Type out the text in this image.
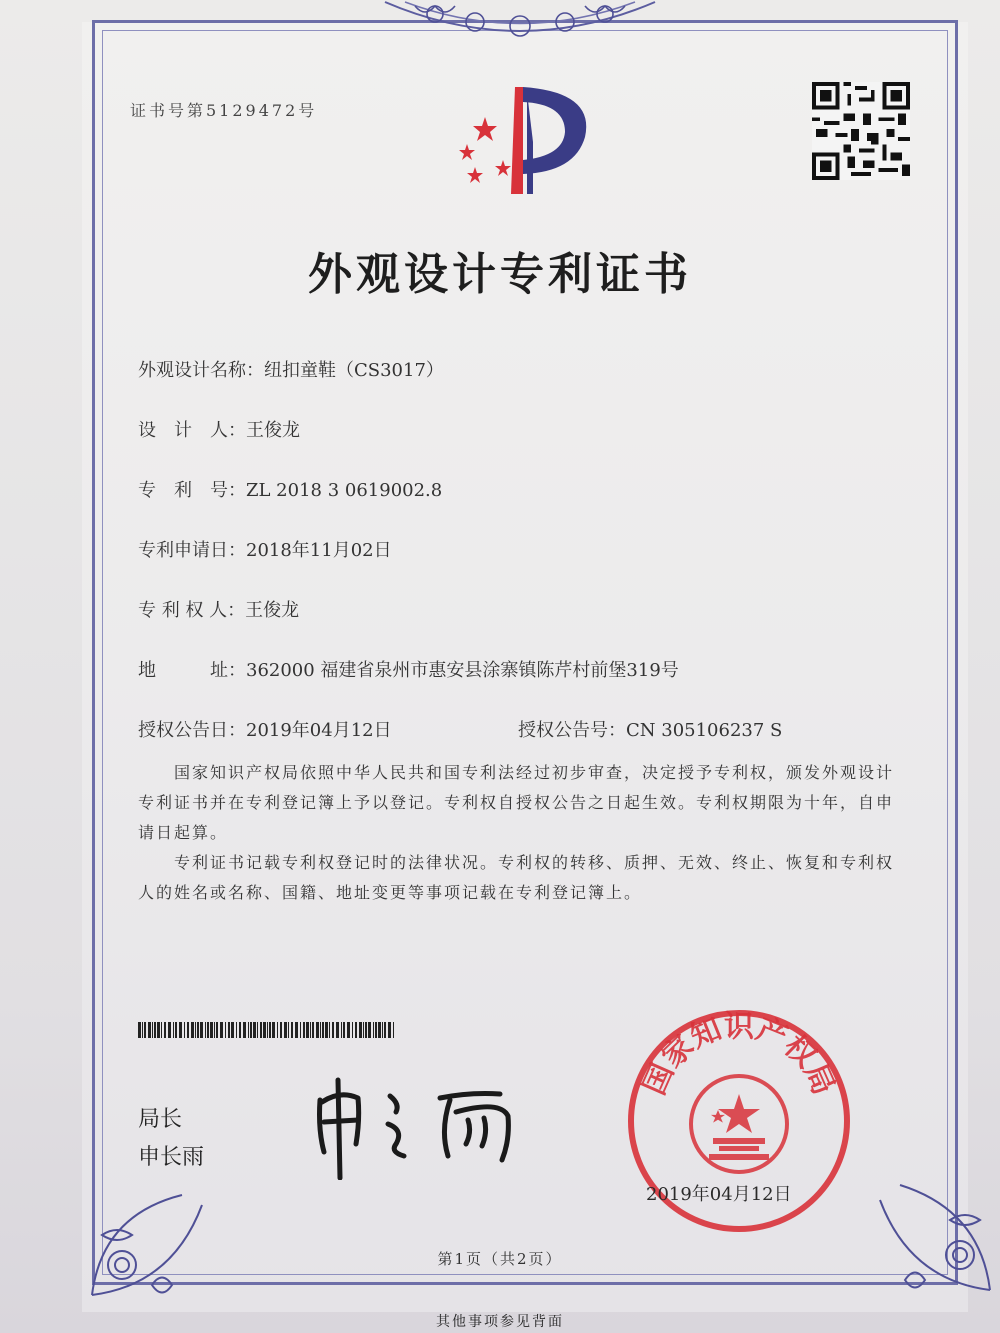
证书号第5129472号
外观设计专利证书
外观设计名称：纽扣童鞋（CS3017）
设　计　人：王俊龙
专　利　号：ZL 2018 3 0619002.8
专利申请日：2018年11月02日
专 利 权 人：王俊龙
地　　　址：362000 福建省泉州市惠安县涂寨镇陈芹村前堡319号
授权公告日：2019年04月12日	授权公告号：CN 305106237 S
国家知识产权局依照中华人民共和国专利法经过初步审查，决定授予专利权，颁发外观设计专利证书并在专利登记簿上予以登记。专利权自授权公告之日起生效。专利权期限为十年，自申请日起算。
专利证书记载专利权登记时的法律状况。专利权的转移、质押、无效、终止、恢复和专利权人的姓名或名称、国籍、地址变更等事项记载在专利登记簿上。
局长
申长雨
国家知识产权局
2019年04月12日
第1页（共2页）
其他事项参见背面
